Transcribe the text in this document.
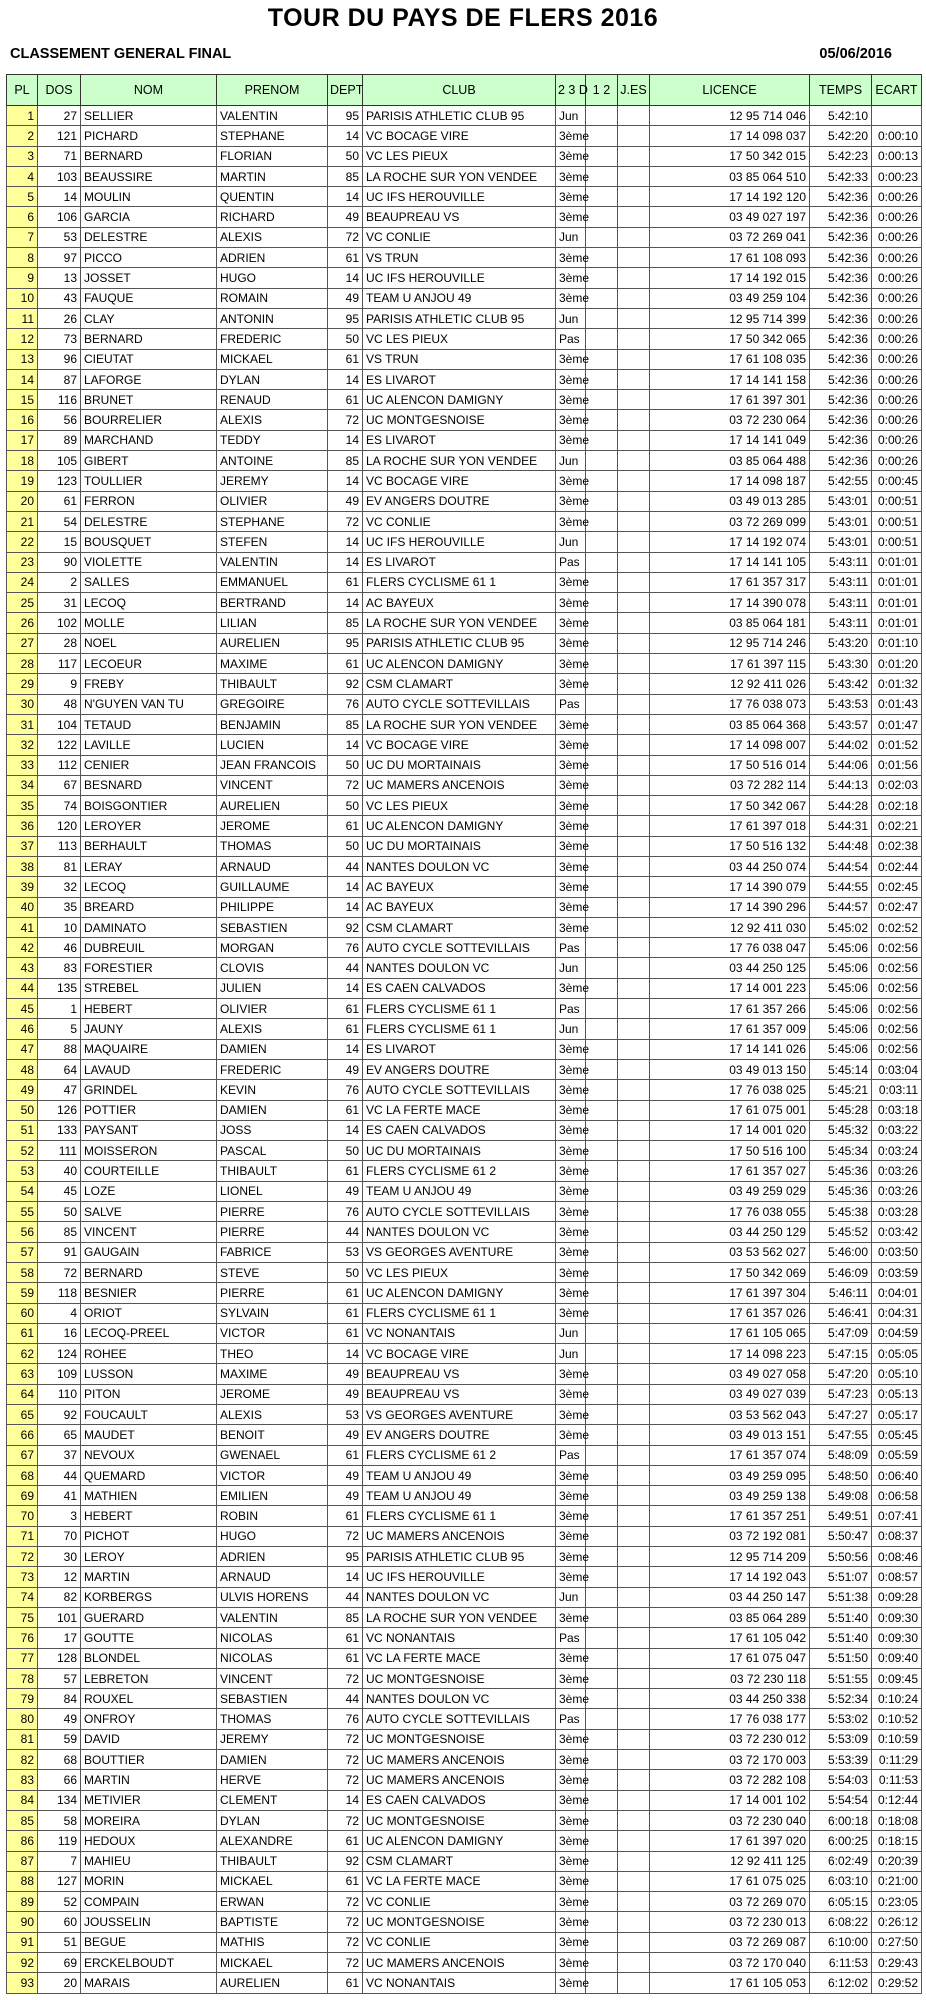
TOUR DU PAYS DE FLERS 2016
CLASSEMENT GENERAL FINAL	05/06/2016
PL	DOS	NOM	PRENOM	DEPT	CLUB	2 3 D	1 2	J.ES	LICENCE	TEMPS	ECART
1	27	SELLIER	VALENTIN	95	PARISIS ATHLETIC CLUB 95	Jun			12 95 714 046	5:42:10	
2	121	PICHARD	STEPHANE	14	VC BOCAGE VIRE	3ème			17 14 098 037	5:42:20	0:00:10
3	71	BERNARD	FLORIAN	50	VC LES PIEUX	3ème			17 50 342 015	5:42:23	0:00:13
4	103	BEAUSSIRE	MARTIN	85	LA ROCHE SUR YON VENDEE	3ème			03 85 064 510	5:42:33	0:00:23
5	14	MOULIN	QUENTIN	14	UC IFS HEROUVILLE	3ème			17 14 192 120	5:42:36	0:00:26
6	106	GARCIA	RICHARD	49	BEAUPREAU VS	3ème			03 49 027 197	5:42:36	0:00:26
7	53	DELESTRE	ALEXIS	72	VC CONLIE	Jun			03 72 269 041	5:42:36	0:00:26
8	97	PICCO	ADRIEN	61	VS TRUN	3ème			17 61 108 093	5:42:36	0:00:26
9	13	JOSSET	HUGO	14	UC IFS HEROUVILLE	3ème			17 14 192 015	5:42:36	0:00:26
10	43	FAUQUE	ROMAIN	49	TEAM U ANJOU 49	3ème			03 49 259 104	5:42:36	0:00:26
11	26	CLAY	ANTONIN	95	PARISIS ATHLETIC CLUB 95	Jun			12 95 714 399	5:42:36	0:00:26
12	73	BERNARD	FREDERIC	50	VC LES PIEUX	Pas			17 50 342 065	5:42:36	0:00:26
13	96	CIEUTAT	MICKAEL	61	VS TRUN	3ème			17 61 108 035	5:42:36	0:00:26
14	87	LAFORGE	DYLAN	14	ES LIVAROT	3ème			17 14 141 158	5:42:36	0:00:26
15	116	BRUNET	RENAUD	61	UC ALENCON DAMIGNY	3ème			17 61 397 301	5:42:36	0:00:26
16	56	BOURRELIER	ALEXIS	72	UC MONTGESNOISE	3ème			03 72 230 064	5:42:36	0:00:26
17	89	MARCHAND	TEDDY	14	ES LIVAROT	3ème			17 14 141 049	5:42:36	0:00:26
18	105	GIBERT	ANTOINE	85	LA ROCHE SUR YON VENDEE	Jun			03 85 064 488	5:42:36	0:00:26
19	123	TOULLIER	JEREMY	14	VC BOCAGE VIRE	3ème			17 14 098 187	5:42:55	0:00:45
20	61	FERRON	OLIVIER	49	EV ANGERS DOUTRE	3ème			03 49 013 285	5:43:01	0:00:51
21	54	DELESTRE	STEPHANE	72	VC CONLIE	3ème			03 72 269 099	5:43:01	0:00:51
22	15	BOUSQUET	STEFEN	14	UC IFS HEROUVILLE	Jun			17 14 192 074	5:43:01	0:00:51
23	90	VIOLETTE	VALENTIN	14	ES LIVAROT	Pas			17 14 141 105	5:43:11	0:01:01
24	2	SALLES	EMMANUEL	61	FLERS CYCLISME 61 1	3ème			17 61 357 317	5:43:11	0:01:01
25	31	LECOQ	BERTRAND	14	AC BAYEUX	3ème			17 14 390 078	5:43:11	0:01:01
26	102	MOLLE	LILIAN	85	LA ROCHE SUR YON VENDEE	3ème			03 85 064 181	5:43:11	0:01:01
27	28	NOEL	AURELIEN	95	PARISIS ATHLETIC CLUB 95	3ème			12 95 714 246	5:43:20	0:01:10
28	117	LECOEUR	MAXIME	61	UC ALENCON DAMIGNY	3ème			17 61 397 115	5:43:30	0:01:20
29	9	FREBY	THIBAULT	92	CSM CLAMART	3ème			12 92 411 026	5:43:42	0:01:32
30	48	N'GUYEN VAN TU	GREGOIRE	76	AUTO CYCLE SOTTEVILLAIS	Pas			17 76 038 073	5:43:53	0:01:43
31	104	TETAUD	BENJAMIN	85	LA ROCHE SUR YON VENDEE	3ème			03 85 064 368	5:43:57	0:01:47
32	122	LAVILLE	LUCIEN	14	VC BOCAGE VIRE	3ème			17 14 098 007	5:44:02	0:01:52
33	112	CENIER	JEAN FRANCOIS	50	UC DU MORTAINAIS	3ème			17 50 516 014	5:44:06	0:01:56
34	67	BESNARD	VINCENT	72	UC MAMERS ANCENOIS	3ème			03 72 282 114	5:44:13	0:02:03
35	74	BOISGONTIER	AURELIEN	50	VC LES PIEUX	3ème			17 50 342 067	5:44:28	0:02:18
36	120	LEROYER	JEROME	61	UC ALENCON DAMIGNY	3ème			17 61 397 018	5:44:31	0:02:21
37	113	BERHAULT	THOMAS	50	UC DU MORTAINAIS	3ème			17 50 516 132	5:44:48	0:02:38
38	81	LERAY	ARNAUD	44	NANTES DOULON VC	3ème			03 44 250 074	5:44:54	0:02:44
39	32	LECOQ	GUILLAUME	14	AC BAYEUX	3ème			17 14 390 079	5:44:55	0:02:45
40	35	BREARD	PHILIPPE	14	AC BAYEUX	3ème			17 14 390 296	5:44:57	0:02:47
41	10	DAMINATO	SEBASTIEN	92	CSM CLAMART	3ème			12 92 411 030	5:45:02	0:02:52
42	46	DUBREUIL	MORGAN	76	AUTO CYCLE SOTTEVILLAIS	Pas			17 76 038 047	5:45:06	0:02:56
43	83	FORESTIER	CLOVIS	44	NANTES DOULON VC	Jun			03 44 250 125	5:45:06	0:02:56
44	135	STREBEL	JULIEN	14	ES CAEN CALVADOS	3ème			17 14 001 223	5:45:06	0:02:56
45	1	HEBERT	OLIVIER	61	FLERS CYCLISME 61 1	Pas			17 61 357 266	5:45:06	0:02:56
46	5	JAUNY	ALEXIS	61	FLERS CYCLISME 61 1	Jun			17 61 357 009	5:45:06	0:02:56
47	88	MAQUAIRE	DAMIEN	14	ES LIVAROT	3ème			17 14 141 026	5:45:06	0:02:56
48	64	LAVAUD	FREDERIC	49	EV ANGERS DOUTRE	3ème			03 49 013 150	5:45:14	0:03:04
49	47	GRINDEL	KEVIN	76	AUTO CYCLE SOTTEVILLAIS	3ème			17 76 038 025	5:45:21	0:03:11
50	126	POTTIER	DAMIEN	61	VC LA FERTE MACE	3ème			17 61 075 001	5:45:28	0:03:18
51	133	PAYSANT	JOSS	14	ES CAEN CALVADOS	3ème			17 14 001 020	5:45:32	0:03:22
52	111	MOISSERON	PASCAL	50	UC DU MORTAINAIS	3ème			17 50 516 100	5:45:34	0:03:24
53	40	COURTEILLE	THIBAULT	61	FLERS CYCLISME 61 2	3ème			17 61 357 027	5:45:36	0:03:26
54	45	LOZE	LIONEL	49	TEAM U ANJOU 49	3ème			03 49 259 029	5:45:36	0:03:26
55	50	SALVE	PIERRE	76	AUTO CYCLE SOTTEVILLAIS	3ème			17 76 038 055	5:45:38	0:03:28
56	85	VINCENT	PIERRE	44	NANTES DOULON VC	3ème			03 44 250 129	5:45:52	0:03:42
57	91	GAUGAIN	FABRICE	53	VS GEORGES AVENTURE	3ème			03 53 562 027	5:46:00	0:03:50
58	72	BERNARD	STEVE	50	VC LES PIEUX	3ème			17 50 342 069	5:46:09	0:03:59
59	118	BESNIER	PIERRE	61	UC ALENCON DAMIGNY	3ème			17 61 397 304	5:46:11	0:04:01
60	4	ORIOT	SYLVAIN	61	FLERS CYCLISME 61 1	3ème			17 61 357 026	5:46:41	0:04:31
61	16	LECOQ-PREEL	VICTOR	61	VC NONANTAIS	Jun			17 61 105 065	5:47:09	0:04:59
62	124	ROHEE	THEO	14	VC BOCAGE VIRE	Jun			17 14 098 223	5:47:15	0:05:05
63	109	LUSSON	MAXIME	49	BEAUPREAU VS	3ème			03 49 027 058	5:47:20	0:05:10
64	110	PITON	JEROME	49	BEAUPREAU VS	3ème			03 49 027 039	5:47:23	0:05:13
65	92	FOUCAULT	ALEXIS	53	VS GEORGES AVENTURE	3ème			03 53 562 043	5:47:27	0:05:17
66	65	MAUDET	BENOIT	49	EV ANGERS DOUTRE	3ème			03 49 013 151	5:47:55	0:05:45
67	37	NEVOUX	GWENAEL	61	FLERS CYCLISME 61 2	Pas			17 61 357 074	5:48:09	0:05:59
68	44	QUEMARD	VICTOR	49	TEAM U ANJOU 49	3ème			03 49 259 095	5:48:50	0:06:40
69	41	MATHIEN	EMILIEN	49	TEAM U ANJOU 49	3ème			03 49 259 138	5:49:08	0:06:58
70	3	HEBERT	ROBIN	61	FLERS CYCLISME 61 1	3ème			17 61 357 251	5:49:51	0:07:41
71	70	PICHOT	HUGO	72	UC MAMERS ANCENOIS	3ème			03 72 192 081	5:50:47	0:08:37
72	30	LEROY	ADRIEN	95	PARISIS ATHLETIC CLUB 95	3ème			12 95 714 209	5:50:56	0:08:46
73	12	MARTIN	ARNAUD	14	UC IFS HEROUVILLE	3ème			17 14 192 043	5:51:07	0:08:57
74	82	KORBERGS	ULVIS HORENS	44	NANTES DOULON VC	Jun			03 44 250 147	5:51:38	0:09:28
75	101	GUERARD	VALENTIN	85	LA ROCHE SUR YON VENDEE	3ème			03 85 064 289	5:51:40	0:09:30
76	17	GOUTTE	NICOLAS	61	VC NONANTAIS	Pas			17 61 105 042	5:51:40	0:09:30
77	128	BLONDEL	NICOLAS	61	VC LA FERTE MACE	3ème			17 61 075 047	5:51:50	0:09:40
78	57	LEBRETON	VINCENT	72	UC MONTGESNOISE	3ème			03 72 230 118	5:51:55	0:09:45
79	84	ROUXEL	SEBASTIEN	44	NANTES DOULON VC	3ème			03 44 250 338	5:52:34	0:10:24
80	49	ONFROY	THOMAS	76	AUTO CYCLE SOTTEVILLAIS	Pas			17 76 038 177	5:53:02	0:10:52
81	59	DAVID	JEREMY	72	UC MONTGESNOISE	3ème			03 72 230 012	5:53:09	0:10:59
82	68	BOUTTIER	DAMIEN	72	UC MAMERS ANCENOIS	3ème			03 72 170 003	5:53:39	0:11:29
83	66	MARTIN	HERVE	72	UC MAMERS ANCENOIS	3ème			03 72 282 108	5:54:03	0:11:53
84	134	METIVIER	CLEMENT	14	ES CAEN CALVADOS	3ème			17 14 001 102	5:54:54	0:12:44
85	58	MOREIRA	DYLAN	72	UC MONTGESNOISE	3ème			03 72 230 040	6:00:18	0:18:08
86	119	HEDOUX	ALEXANDRE	61	UC ALENCON DAMIGNY	3ème			17 61 397 020	6:00:25	0:18:15
87	7	MAHIEU	THIBAULT	92	CSM CLAMART	3ème			12 92 411 125	6:02:49	0:20:39
88	127	MORIN	MICKAEL	61	VC LA FERTE MACE	3ème			17 61 075 025	6:03:10	0:21:00
89	52	COMPAIN	ERWAN	72	VC CONLIE	3ème			03 72 269 070	6:05:15	0:23:05
90	60	JOUSSELIN	BAPTISTE	72	UC MONTGESNOISE	3ème			03 72 230 013	6:08:22	0:26:12
91	51	BEGUE	MATHIS	72	VC CONLIE	3ème			03 72 269 087	6:10:00	0:27:50
92	69	ERCKELBOUDT	MICKAEL	72	UC MAMERS ANCENOIS	3ème			03 72 170 040	6:11:53	0:29:43
93	20	MARAIS	AURELIEN	61	VC NONANTAIS	3ème			17 61 105 053	6:12:02	0:29:52
